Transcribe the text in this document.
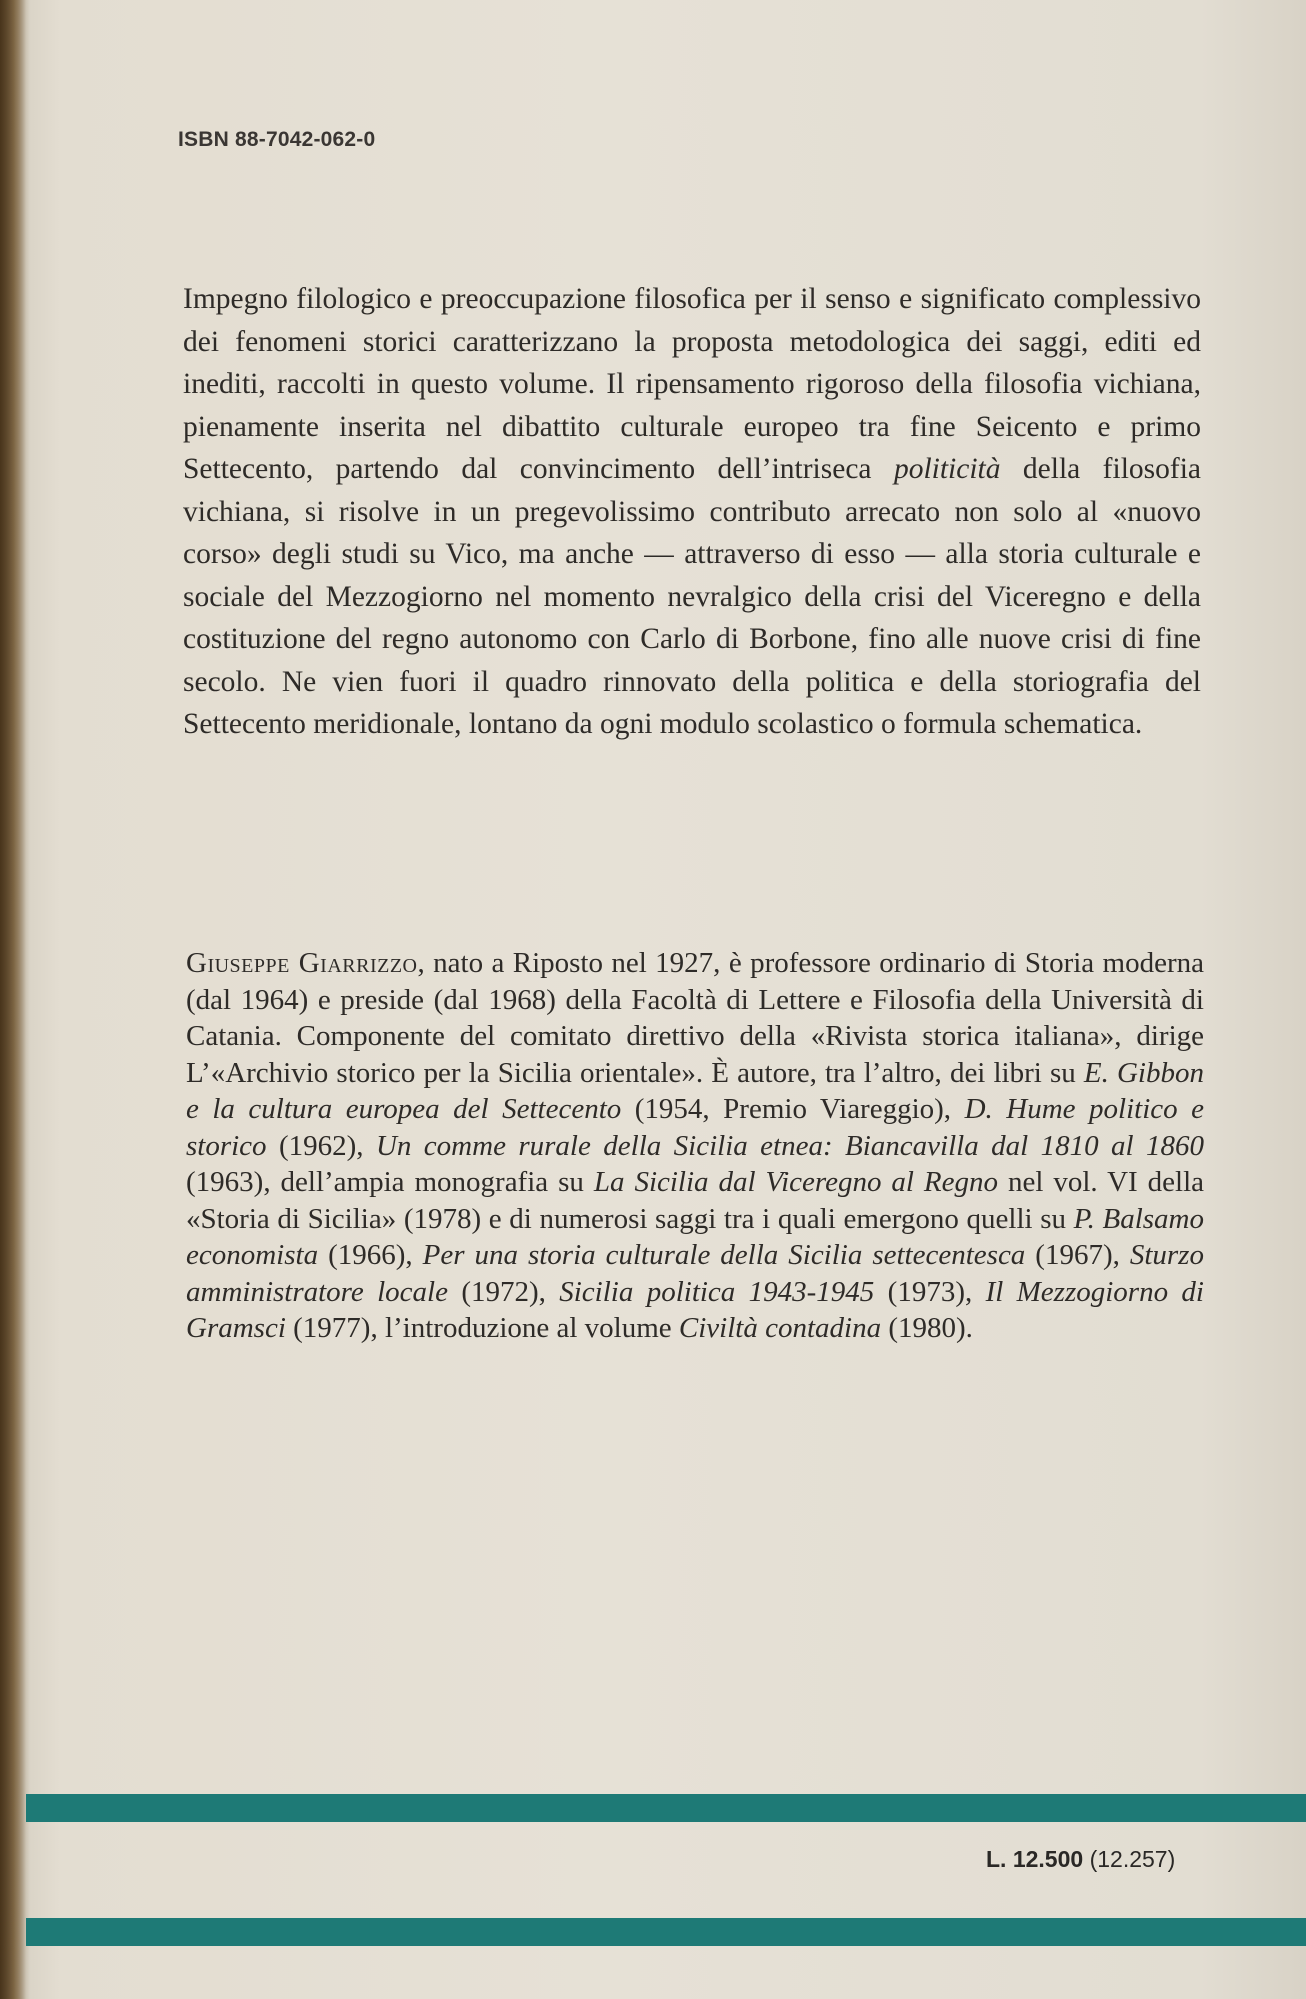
ISBN 88-7042-062-0
Impegno filologico e preoccupazione filosofica per il senso e significato complessivo dei fenomeni storici caratterizzano la proposta metodologica dei saggi, editi ed inediti, raccolti in questo volume. Il ripensamento rigoroso della filosofia vichiana, pienamente inserita nel dibattito culturale europeo tra fine Seicento e primo Settecento, partendo dal convincimento dell’intriseca politicità della filosofia vichiana, si risolve in un pregevolissimo contributo arrecato non solo al «nuovo corso» degli studi su Vico, ma anche — attraverso di esso — alla storia culturale e sociale del Mezzogiorno nel momento nevralgico della crisi del Viceregno e della costituzione del regno autonomo con Carlo di Borbone, fino alle nuove crisi di fine secolo. Ne vien fuori il quadro rinnovato della politica e della storiografia del Settecento meridionale, lontano da ogni modulo scolastico o formula schematica.
Giuseppe Giarrizzo, nato a Riposto nel 1927, è professore ordinario di Storia moderna (dal 1964) e preside (dal 1968) della Facoltà di Lettere e Filosofia della Università di Catania. Componente del comitato direttivo della «Rivista storica italiana», dirige L’«Archivio storico per la Sicilia orientale». È autore, tra l’altro, dei libri su E. Gibbon e la cultura europea del Settecento (1954, Premio Viareggio), D. Hume politico e storico (1962), Un comme rurale della Sicilia etnea: Biancavilla dal 1810 al 1860 (1963), dell’ampia monografia su La Sicilia dal Viceregno al Regno nel vol. VI della «Storia di Sicilia» (1978) e di numerosi saggi tra i quali emergono quelli su P. Balsamo economista (1966), Per una storia culturale della Sicilia settecentesca (1967), Sturzo amministratore locale (1972), Sicilia politica 1943-1945 (1973), Il Mezzogiorno di Gramsci (1977), l’introduzione al volume Civiltà contadina (1980).
L. 12.500 (12.257)
